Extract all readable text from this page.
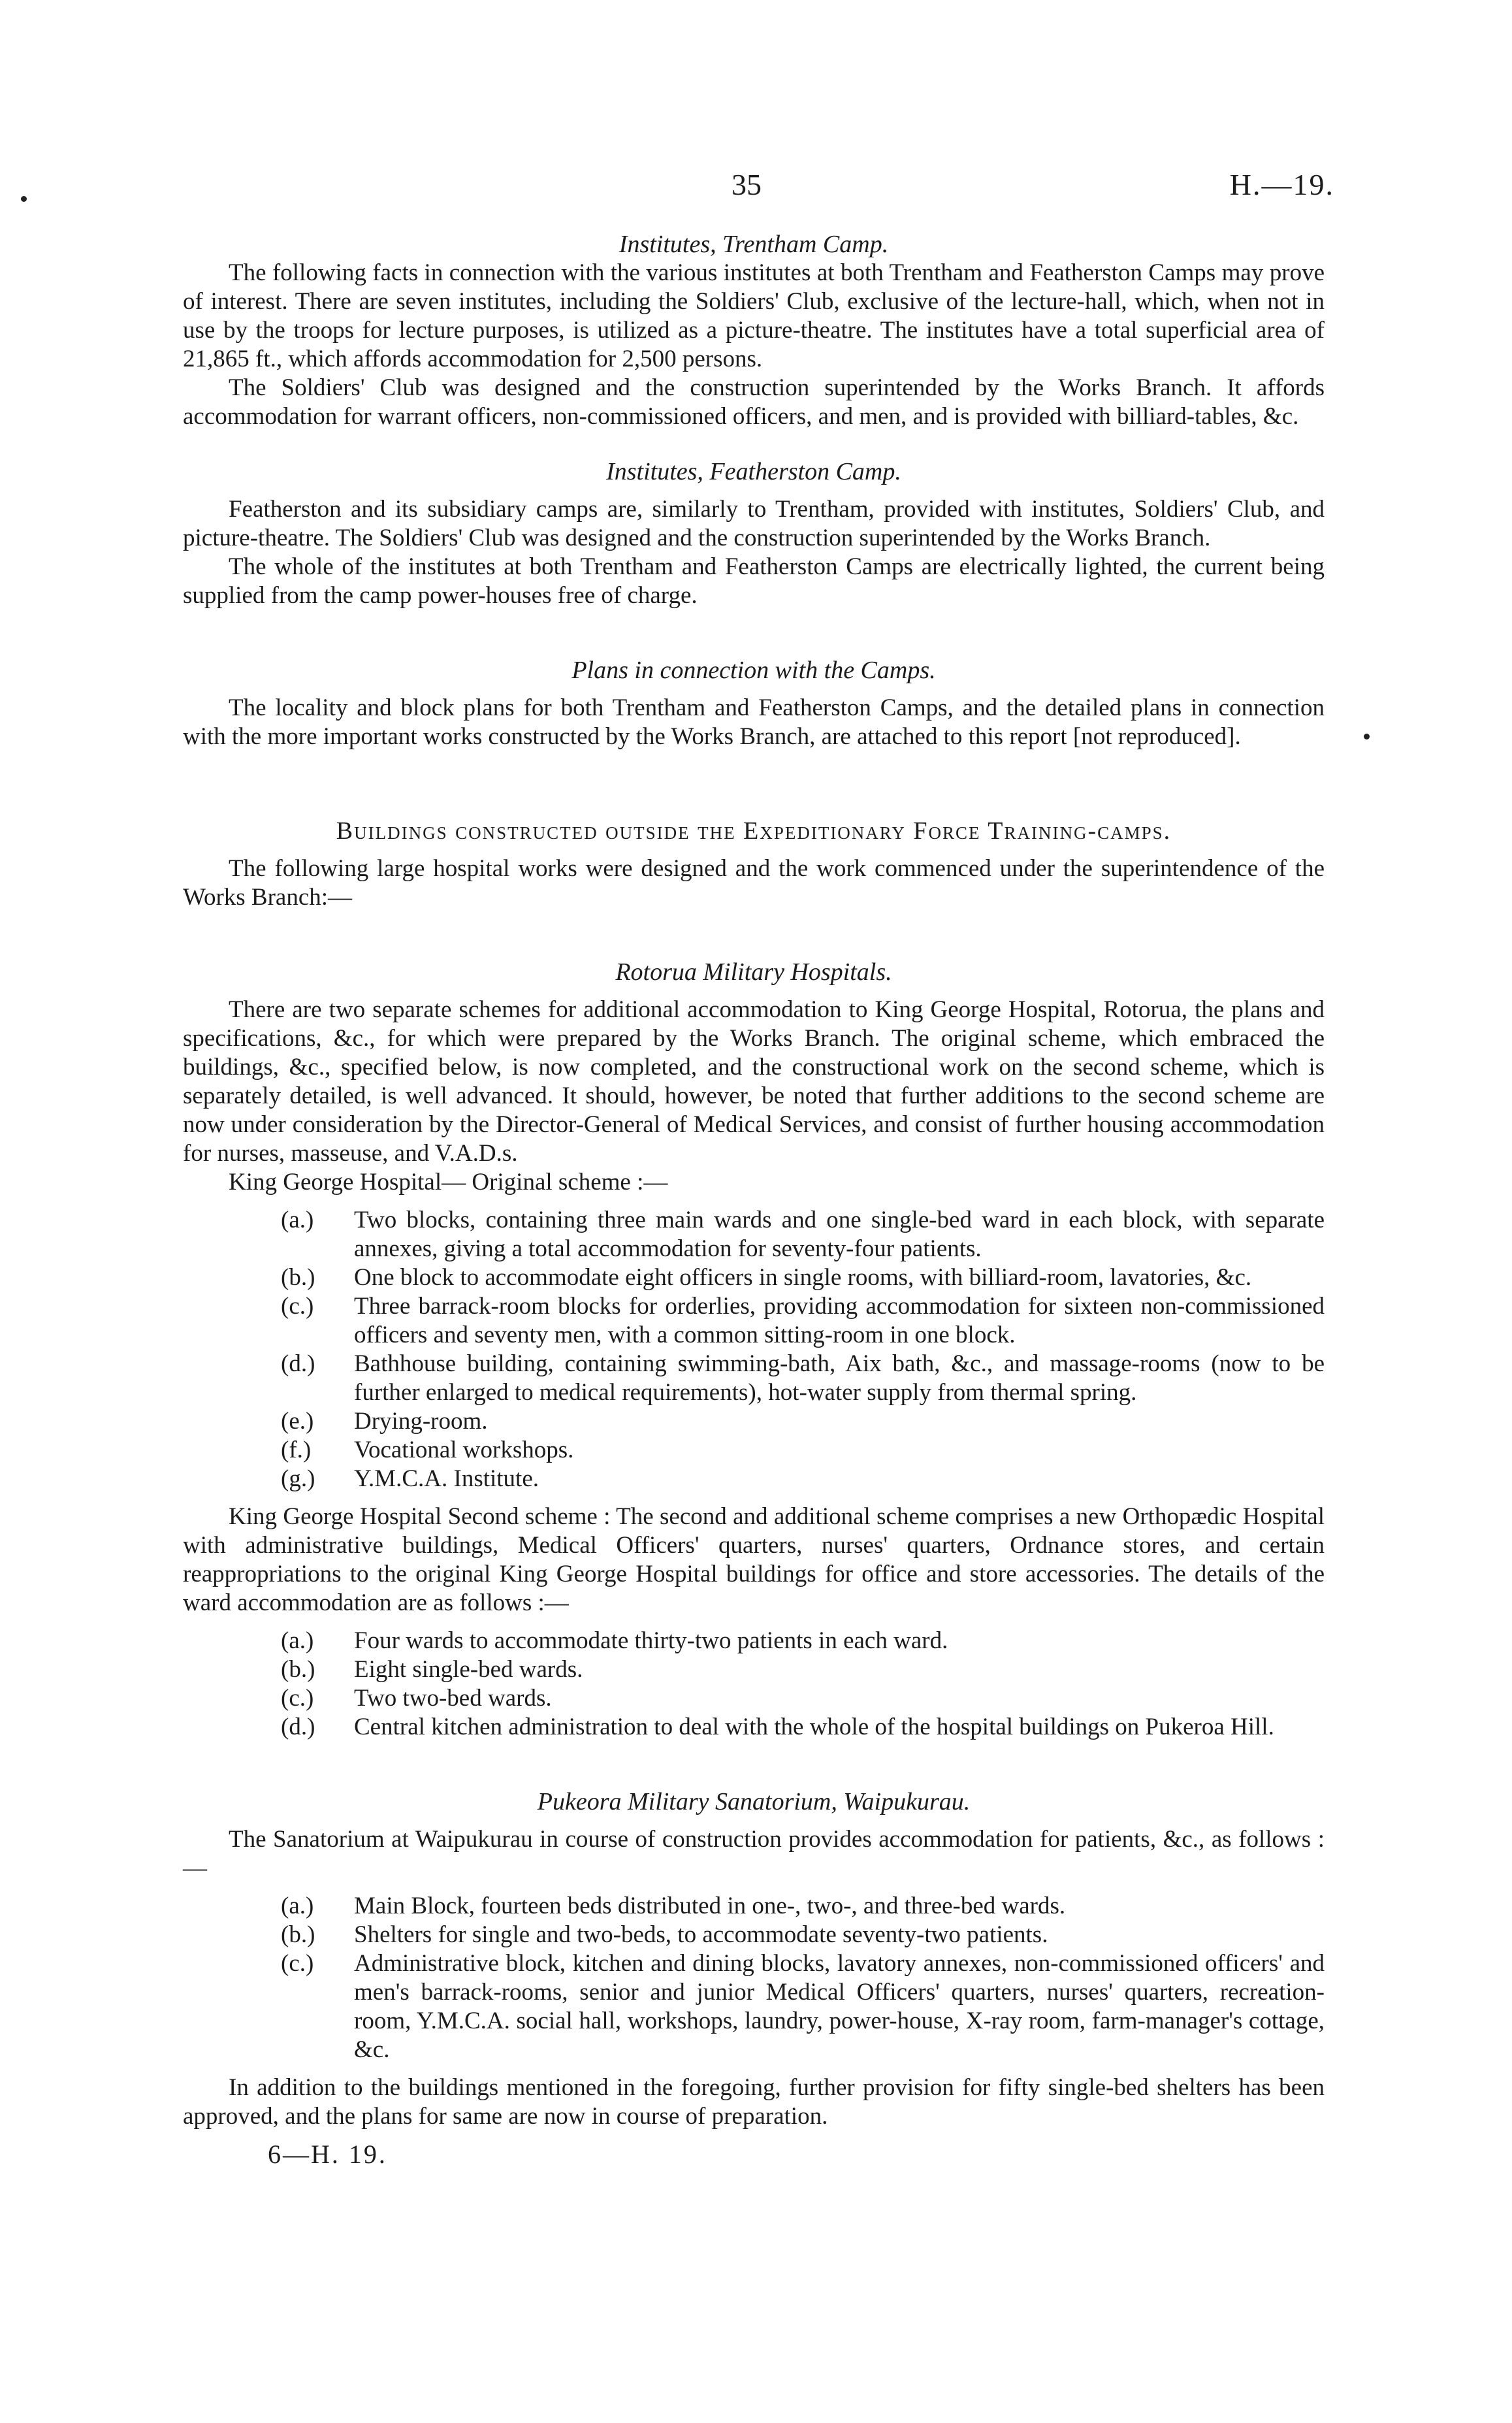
35	H.—19.
Institutes, Trentham Camp.

The following facts in connection with the various institutes at both Trentham and Featherston Camps may prove of interest. There are seven institutes, including the Soldiers' Club, exclusive of the lecture-hall, which, when not in use by the troops for lecture purposes, is utilized as a picture-theatre. The institutes have a total superficial area of 21,865 ft., which affords accommodation for 2,500 persons.

The Soldiers' Club was designed and the construction superintended by the Works Branch. It affords accommodation for warrant officers, non-commissioned officers, and men, and is provided with billiard-tables, &c.

Institutes, Featherston Camp.

Featherston and its subsidiary camps are, similarly to Trentham, provided with institutes, Soldiers' Club, and picture-theatre. The Soldiers' Club was designed and the construction superintended by the Works Branch.

The whole of the institutes at both Trentham and Featherston Camps are electrically lighted, the current being supplied from the camp power-houses free of charge.

Plans in connection with the Camps.

The locality and block plans for both Trentham and Featherston Camps, and the detailed plans in connection with the more important works constructed by the Works Branch, are attached to this report [not reproduced].

Buildings constructed outside the Expeditionary Force Training-camps.

The following large hospital works were designed and the work commenced under the superintendence of the Works Branch:—

Rotorua Military Hospitals.

There are two separate schemes for additional accommodation to King George Hospital, Rotorua, the plans and specifications, &c., for which were prepared by the Works Branch. The original scheme, which embraced the buildings, &c., specified below, is now completed, and the constructional work on the second scheme, which is separately detailed, is well advanced. It should, however, be noted that further additions to the second scheme are now under consideration by the Director-General of Medical Services, and consist of further housing accommodation for nurses, masseuse, and V.A.D.s.

King George Hospital— Original scheme :—

(a.)	Two blocks, containing three main wards and one single-bed ward in each block, with separate annexes, giving a total accommodation for seventy-four patients.
(b.)	One block to accommodate eight officers in single rooms, with billiard-room, lavatories, &c.
(c.)	Three barrack-room blocks for orderlies, providing accommodation for sixteen non-commissioned officers and seventy men, with a common sitting-room in one block.
(d.)	Bathhouse building, containing swimming-bath, Aix bath, &c., and massage-rooms (now to be further enlarged to medical requirements), hot-water supply from thermal spring.
(e.)	Drying-room.
(f.)	Vocational workshops.
(g.)	Y.M.C.A. Institute.

King George Hospital Second scheme : The second and additional scheme comprises a new Orthopædic Hospital with administrative buildings, Medical Officers' quarters, nurses' quarters, Ordnance stores, and certain reappropriations to the original King George Hospital buildings for office and store accessories. The details of the ward accommodation are as follows :—

(a.)	Four wards to accommodate thirty-two patients in each ward.
(b.)	Eight single-bed wards.
(c.)	Two two-bed wards.
(d.)	Central kitchen administration to deal with the whole of the hospital buildings on Pukeroa Hill.
Pukeora Military Sanatorium, Waipukurau.

The Sanatorium at Waipukurau in course of construction provides accommodation for patients, &c., as follows :—

(a.)	Main Block, fourteen beds distributed in one-, two-, and three-bed wards.
(b.)	Shelters for single and two-beds, to accommodate seventy-two patients.
(c.)	Administrative block, kitchen and dining blocks, lavatory annexes, non-commissioned officers' and men's barrack-rooms, senior and junior Medical Officers' quarters, nurses' quarters, recreation-room, Y.M.C.A. social hall, workshops, laundry, power-house, X-ray room, farm-manager's cottage, &c.

In addition to the buildings mentioned in the foregoing, further provision for fifty single-bed shelters has been approved, and the plans for same are now in course of preparation.

6—H. 19.
